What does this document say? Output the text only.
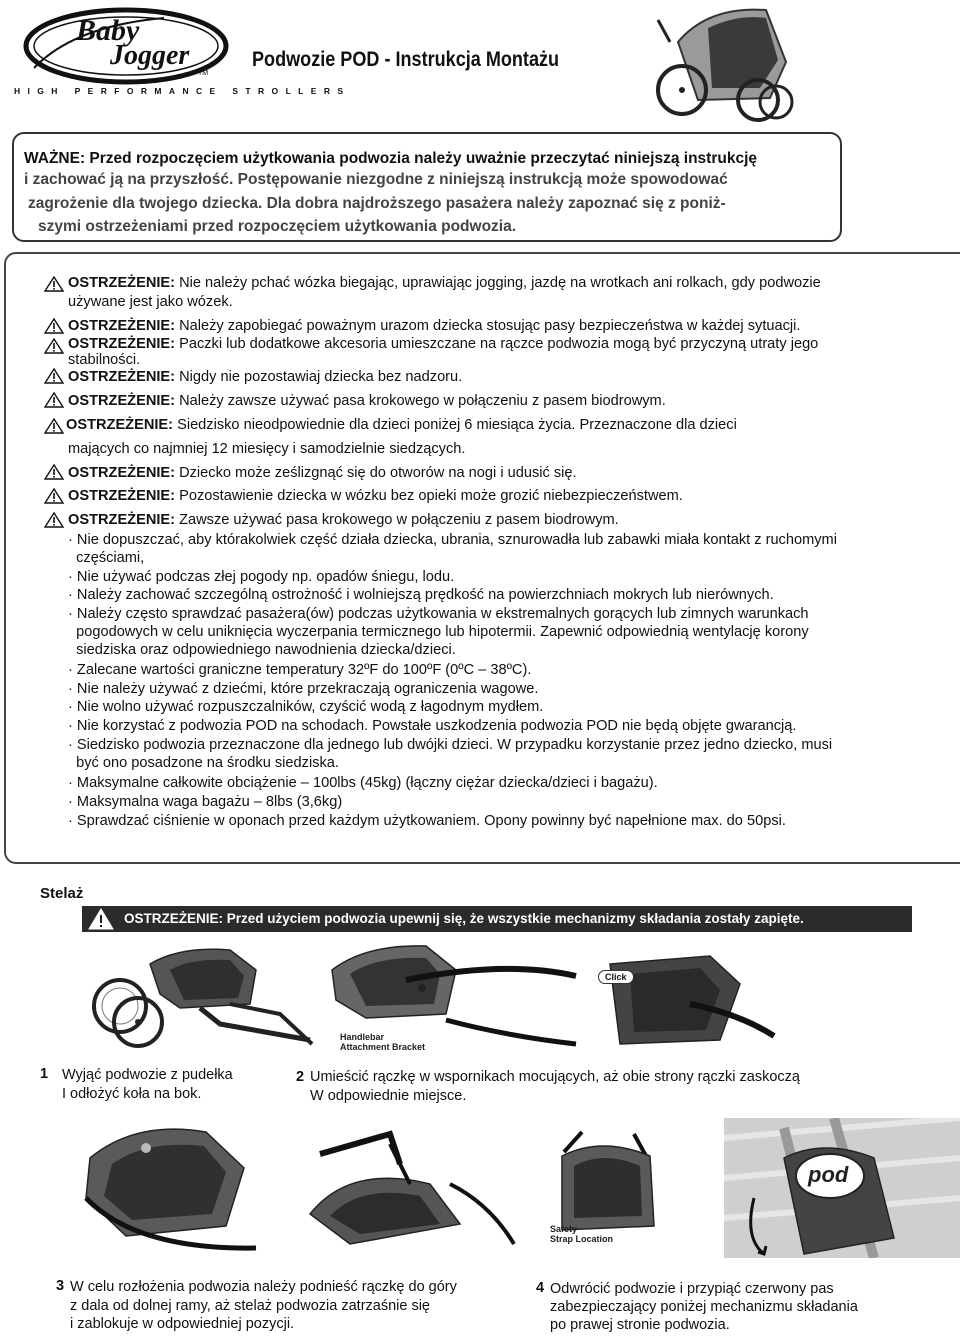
Baby
Jogger
TM
HIGH PERFORMANCE STROLLERS
Podwozie POD - Instrukcja Montażu
WAŻNE: Przed rozpoczęciem użytkowania podwozia należy uważnie przeczytać niniejszą instrukcję
i zachować ją na przyszłość. Postępowanie niezgodne z niniejszą instrukcją może spowodować
zagrożenie dla twojego dziecka. Dla dobra najdroższego pasażera należy zapoznać się z poniż-
szymi ostrzeżeniami przed rozpoczęciem użytkowania podwozia.
OSTRZEŻENIE: Nie należy pchać wózka biegając, uprawiając jogging, jazdę na wrotkach ani rolkach, gdy podwozie
używane jest jako wózek.
OSTRZEŻENIE: Należy zapobiegać poważnym urazom dziecka stosując pasy bezpieczeństwa w każdej sytuacji.
OSTRZEŻENIE: Paczki lub dodatkowe akcesoria umieszczane na rączce podwozia mogą być przyczyną utraty jego
stabilności.
OSTRZEŻENIE: Nigdy nie pozostawiaj dziecka bez nadzoru.
OSTRZEŻENIE: Należy zawsze używać pasa krokowego w połączeniu z pasem biodrowym.
OSTRZEŻENIE: Siedzisko nieodpowiednie dla dzieci poniżej 6 miesiąca życia. Przeznaczone dla dzieci
mających co najmniej 12 miesięcy i samodzielnie siedzących.
OSTRZEŻENIE: Dziecko może ześlizgnąć się do otworów na nogi i udusić się.
OSTRZEŻENIE: Pozostawienie dziecka w wózku bez opieki może grozić niebezpieczeństwem.
OSTRZEŻENIE: Zawsze używać pasa krokowego w połączeniu z pasem biodrowym.
· Nie dopuszczać, aby którakolwiek część działa dziecka, ubrania, sznurowadła lub zabawki miała kontakt z ruchomymi
częściami,
· Nie używać podczas złej pogody np. opadów śniegu, lodu.
· Należy zachować szczególną ostrożność i wolniejszą prędkość na powierzchniach mokrych lub nierównych.
· Należy często sprawdzać pasażera(ów) podczas użytkowania w ekstremalnych gorących lub zimnych warunkach
pogodowych w celu uniknięcia wyczerpania termicznego lub hipotermii. Zapewnić odpowiednią wentylację korony
siedziska oraz odpowiedniego nawodnienia dziecka/dzieci.
· Zalecane wartości graniczne temperatury 32ºF do 100ºF (0ºC – 38ºC).
· Nie należy używać z dziećmi, które przekraczają ograniczenia wagowe.
· Nie wolno używać rozpuszczalników, czyścić wodą z łagodnym mydłem.
· Nie korzystać z podwozia POD na schodach. Powstałe uszkodzenia podwozia POD nie będą objęte gwarancją.
· Siedzisko podwozia przeznaczone dla jednego lub dwójki dzieci. W przypadku korzystanie przez jedno dziecko, musi
być ono posadzone na środku siedziska.
· Maksymalne całkowite obciążenie – 100lbs (45kg) (łączny ciężar dziecka/dzieci i bagażu).
· Maksymalna waga bagażu – 8lbs (3,6kg)
· Sprawdzać ciśnienie w oponach przed każdym użytkowaniem. Opony powinny być napełnione max. do 50psi.
Stelaż
OSTRZEŻENIE: Przed użyciem podwozia upewnij się, że wszystkie mechanizmy składania zostały zapięte.
Handlebar
Attachment Bracket
Click
1 Wyjąć podwozie z pudełka
I odłożyć koła na bok.
2 Umieścić rączkę w wspornikach mocujących, aż obie strony rączki zaskoczą
W odpowiednie miejsce.
Safety
Strap Location
pod
3 W celu rozłożenia podwozia należy podnieść rączkę do góry
z dala od dolnej ramy, aż stelaż podwozia zatrzaśnie się
i zablokuje w odpowiedniej pozycji.
4 Odwrócić podwozie i przypiąć czerwony pas
zabezpieczający poniżej mechanizmu składania
po prawej stronie podwozia.
